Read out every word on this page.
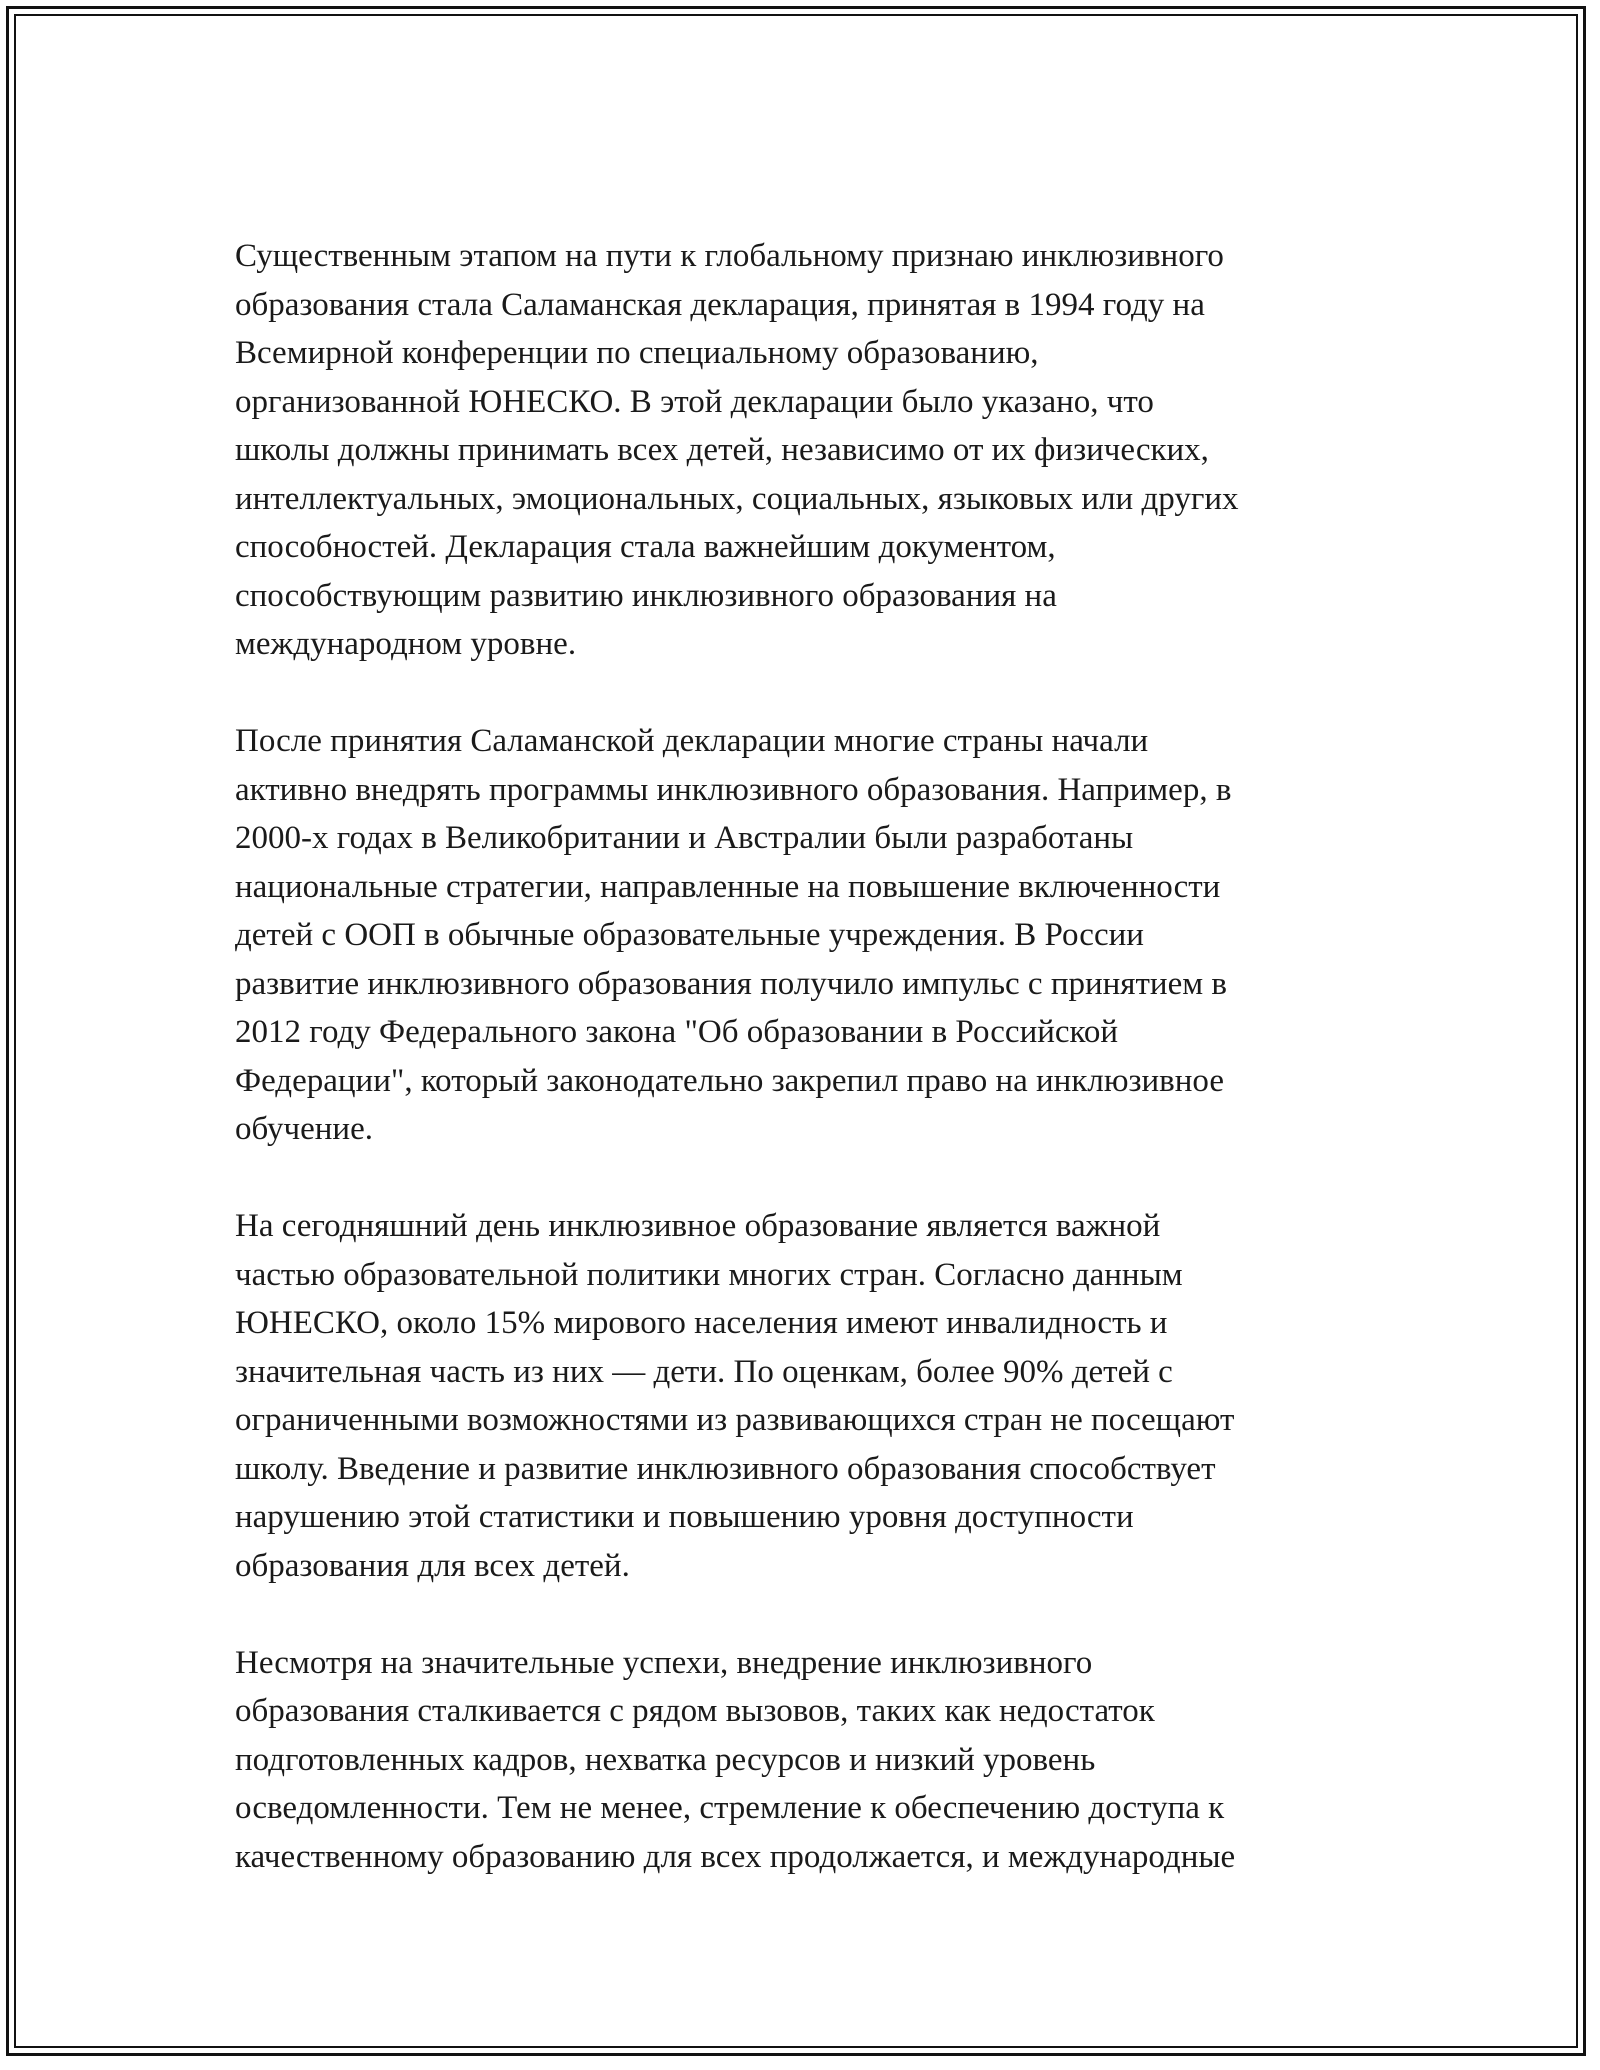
Существенным этапом на пути к глобальному признаю инклюзивного
образования стала Саламанская декларация, принятая в 1994 году на
Всемирной конференции по специальному образованию,
организованной ЮНЕСКО. В этой декларации было указано, что
школы должны принимать всех детей, независимо от их физических,
интеллектуальных, эмоциональных, социальных, языковых или других
способностей. Декларация стала важнейшим документом,
способствующим развитию инклюзивного образования на
международном уровне.

После принятия Саламанской декларации многие страны начали
активно внедрять программы инклюзивного образования. Например, в
2000-х годах в Великобритании и Австралии были разработаны
национальные стратегии, направленные на повышение включенности
детей с ООП в обычные образовательные учреждения. В России
развитие инклюзивного образования получило импульс с принятием в
2012 году Федерального закона "Об образовании в Российской
Федерации", который законодательно закрепил право на инклюзивное
обучение.

На сегодняшний день инклюзивное образование является важной
частью образовательной политики многих стран. Согласно данным
ЮНЕСКО, около 15% мирового населения имеют инвалидность и
значительная часть из них — дети. По оценкам, более 90% детей с
ограниченными возможностями из развивающихся стран не посещают
школу. Введение и развитие инклюзивного образования способствует
нарушению этой статистики и повышению уровня доступности
образования для всех детей.

Несмотря на значительные успехи, внедрение инклюзивного
образования сталкивается с рядом вызовов, таких как недостаток
подготовленных кадров, нехватка ресурсов и низкий уровень
осведомленности. Тем не менее, стремление к обеспечению доступа к
качественному образованию для всех продолжается, и международные
